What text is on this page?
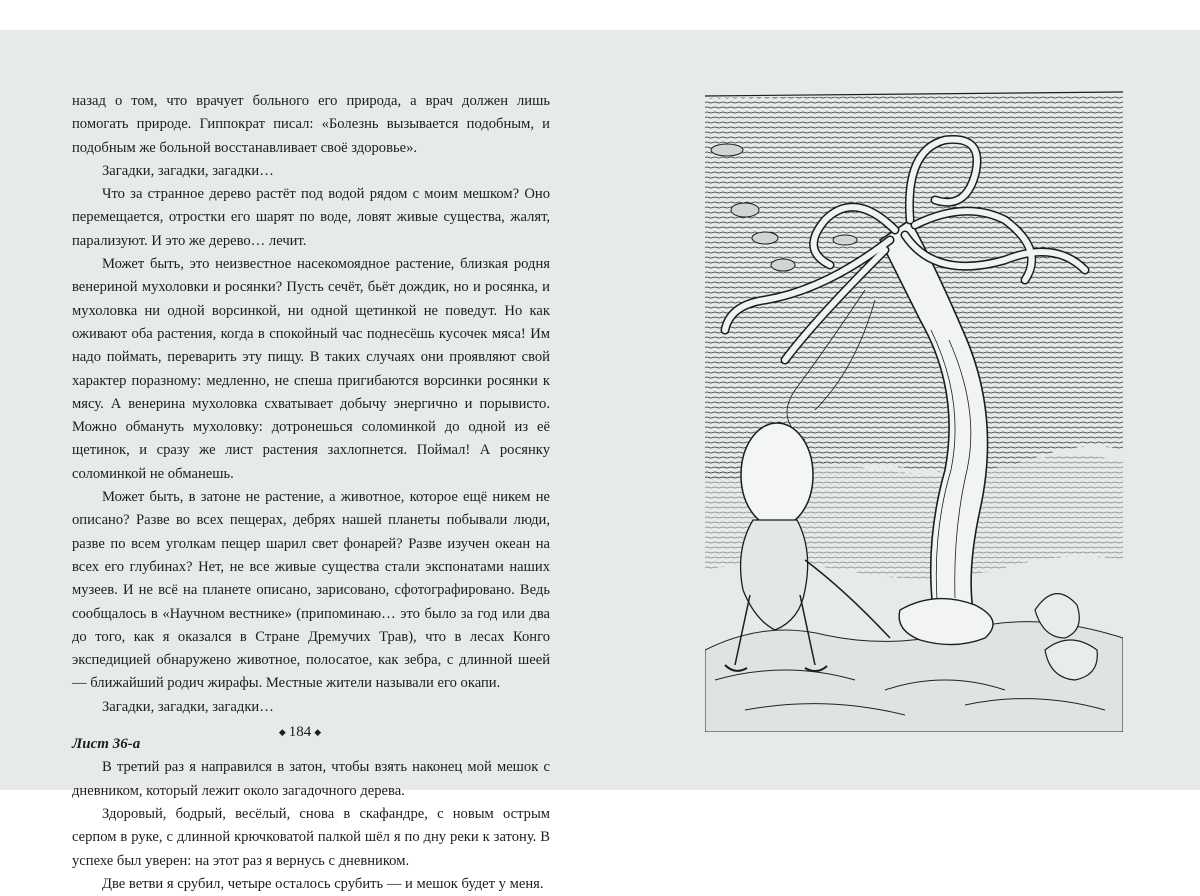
назад о том, что врачует больного его природа, а врач должен лишь помогать природе. Гиппократ писал: «Болезнь вызывается подобным, и подобным же больной восстанавливает своё здоровье».

Загадки, загадки, загадки…

Что за странное дерево растёт под водой рядом с моим мешком? Оно перемещается, отростки его шарят по воде, ловят живые существа, жалят, парализуют. И это же дерево… лечит.

Может быть, это неизвестное насекомоядное растение, близкая родня венериной мухоловки и росянки? Пусть сечёт, бьёт дождик, но и росянка, и мухоловка ни одной ворсинкой, ни одной щетинкой не поведут. Но как оживают оба растения, когда в спокойный час поднесёшь кусочек мяса! Им надо поймать, переварить эту пищу. В таких случаях они проявляют свой характер поразному: медленно, не спеша пригибаются ворсинки росянки к мясу. А венерина мухоловка схватывает добычу энергично и порывисто. Можно обмануть мухоловку: дотронешься соломинкой до одной из её щетинок, и сразу же лист растения захлопнется. Поймал! А росянку соломинкой не обманешь.

Может быть, в затоне не растение, а животное, которое ещё никем не описано? Разве во всех пещерах, дебрях нашей планеты побывали люди, разве по всем уголкам пещер шарил свет фонарей? Разве изучен океан на всех его глубинах? Нет, не все живые существа стали экспонатами наших музеев. И не всё на планете описано, зарисовано, сфотографировано. Ведь сообщалось в «Научном вестнике» (припоминаю… это было за год или два до того, как я оказался в Стране Дремучих Трав), что в лесах Конго экспедицией обнаружено животное, полосатое, как зебра, с длинной шеей — ближайший родич жирафы. Местные жители называли его окапи.

Загадки, загадки, загадки…

Лист 36-а

В третий раз я направился в затон, чтобы взять наконец мой мешок с дневником, который лежит около загадочного дерева.

Здоровый, бодрый, весёлый, снова в скафандре, с новым острым серпом в руке, с длинной крючковатой палкой шёл я по дну реки к затону. В успехе был уверен: на этот раз я вернусь с дневником.

Две ветви я срубил, четыре осталось срубить — и мешок будет у меня.

◆ 184 ◆
